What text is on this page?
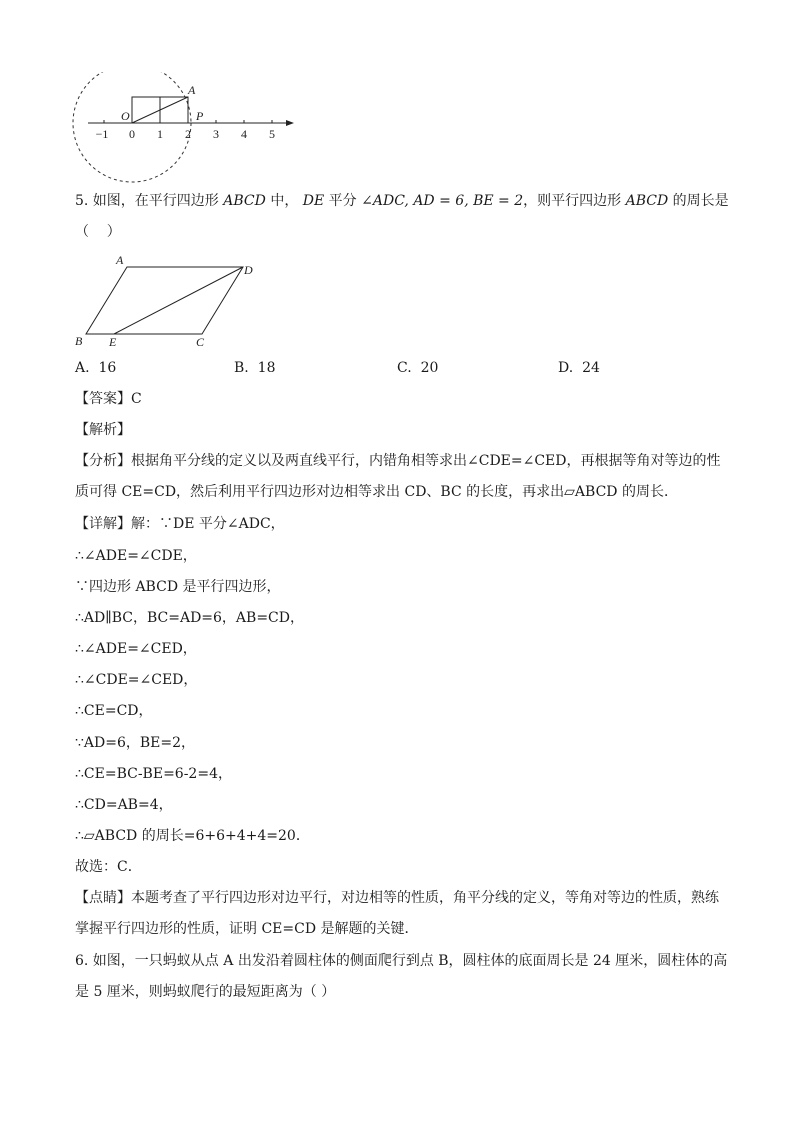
−1 0 1 2 3 4 5
O
A
P
5. 如图，在平行四边形 ABCD 中， DE 平分 ∠ADC, AD = 6, BE = 2，则平行四边形 ABCD 的周长是
（    ）
A
D
B E	C
A. 16	B. 18	C. 20	D. 24
【答案】C
【解析】
【分析】根据角平分线的定义以及两直线平行，内错角相等求出∠CDE=∠CED，再根据等角对等边的性
质可得 CE=CD，然后利用平行四边形对边相等求出 CD、BC 的长度，再求出▱ABCD 的周长．
【详解】解：∵DE 平分∠ADC，
∴∠ADE=∠CDE，
∵四边形 ABCD 是平行四边形，
∴AD∥BC，BC=AD=6，AB=CD，
∴∠ADE=∠CED，
∴∠CDE=∠CED，
∴CE=CD，
∵AD=6，BE=2，
∴CE=BC-BE=6-2=4，
∴CD=AB=4，
∴▱ABCD 的周长=6+6+4+4=20．
故选：C．
【点睛】本题考查了平行四边形对边平行，对边相等的性质，角平分线的定义，等角对等边的性质，熟练
掌握平行四边形的性质，证明 CE=CD 是解题的关键．
6. 如图，一只蚂蚁从点 A 出发沿着圆柱体的侧面爬行到点 B，圆柱体的底面周长是 24 厘米，圆柱体的高
是 5 厘米，则蚂蚁爬行的最短距离为（ ）
